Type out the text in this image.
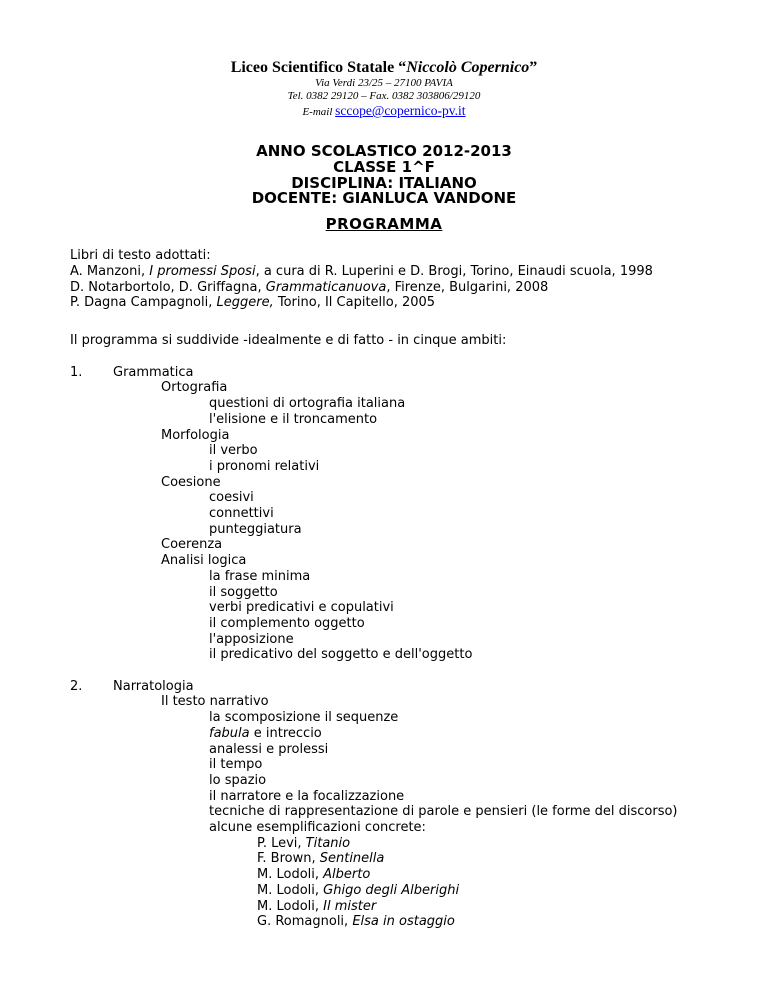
Liceo Scientifico Statale “Niccolò Copernico”
Via Verdi 23/25 – 27100 PAVIA
Tel. 0382 29120 – Fax. 0382 303806/29120
E-mail sccope@copernico-pv.it
ANNO SCOLASTICO 2012-2013
CLASSE 1^F
DISCIPLINA: ITALIANO
DOCENTE: GIANLUCA VANDONE
PROGRAMMA
Libri di testo adottati:
A. Manzoni, I promessi Sposi, a cura di R. Luperini e D. Brogi, Torino, Einaudi scuola, 1998
D. Notarbortolo, D. Griffagna, Grammaticanuova, Firenze, Bulgarini, 2008
P. Dagna Campagnoli, Leggere, Torino, Il Capitello, 2005
Il programma si suddivide -idealmente e di fatto - in cinque ambiti:
1. Grammatica
Ortografia
questioni di ortografia italiana
l'elisione e il troncamento
Morfologia
il verbo
i pronomi relativi
Coesione
coesivi
connettivi
punteggiatura
Coerenza
Analisi logica
la frase minima
il soggetto
verbi predicativi e copulativi
il complemento oggetto
l'apposizione
il predicativo del soggetto e dell'oggetto
2. Narratologia
Il testo narrativo
la scomposizione il sequenze
fabula e intreccio
analessi e prolessi
il tempo
lo spazio
il narratore e la focalizzazione
tecniche di rappresentazione di parole e pensieri (le forme del discorso)
alcune esemplificazioni concrete:
P. Levi, Titanio
F. Brown, Sentinella
M. Lodoli, Alberto
M. Lodoli, Ghigo degli Alberighi
M. Lodoli, Il mister
G. Romagnoli, Elsa in ostaggio
